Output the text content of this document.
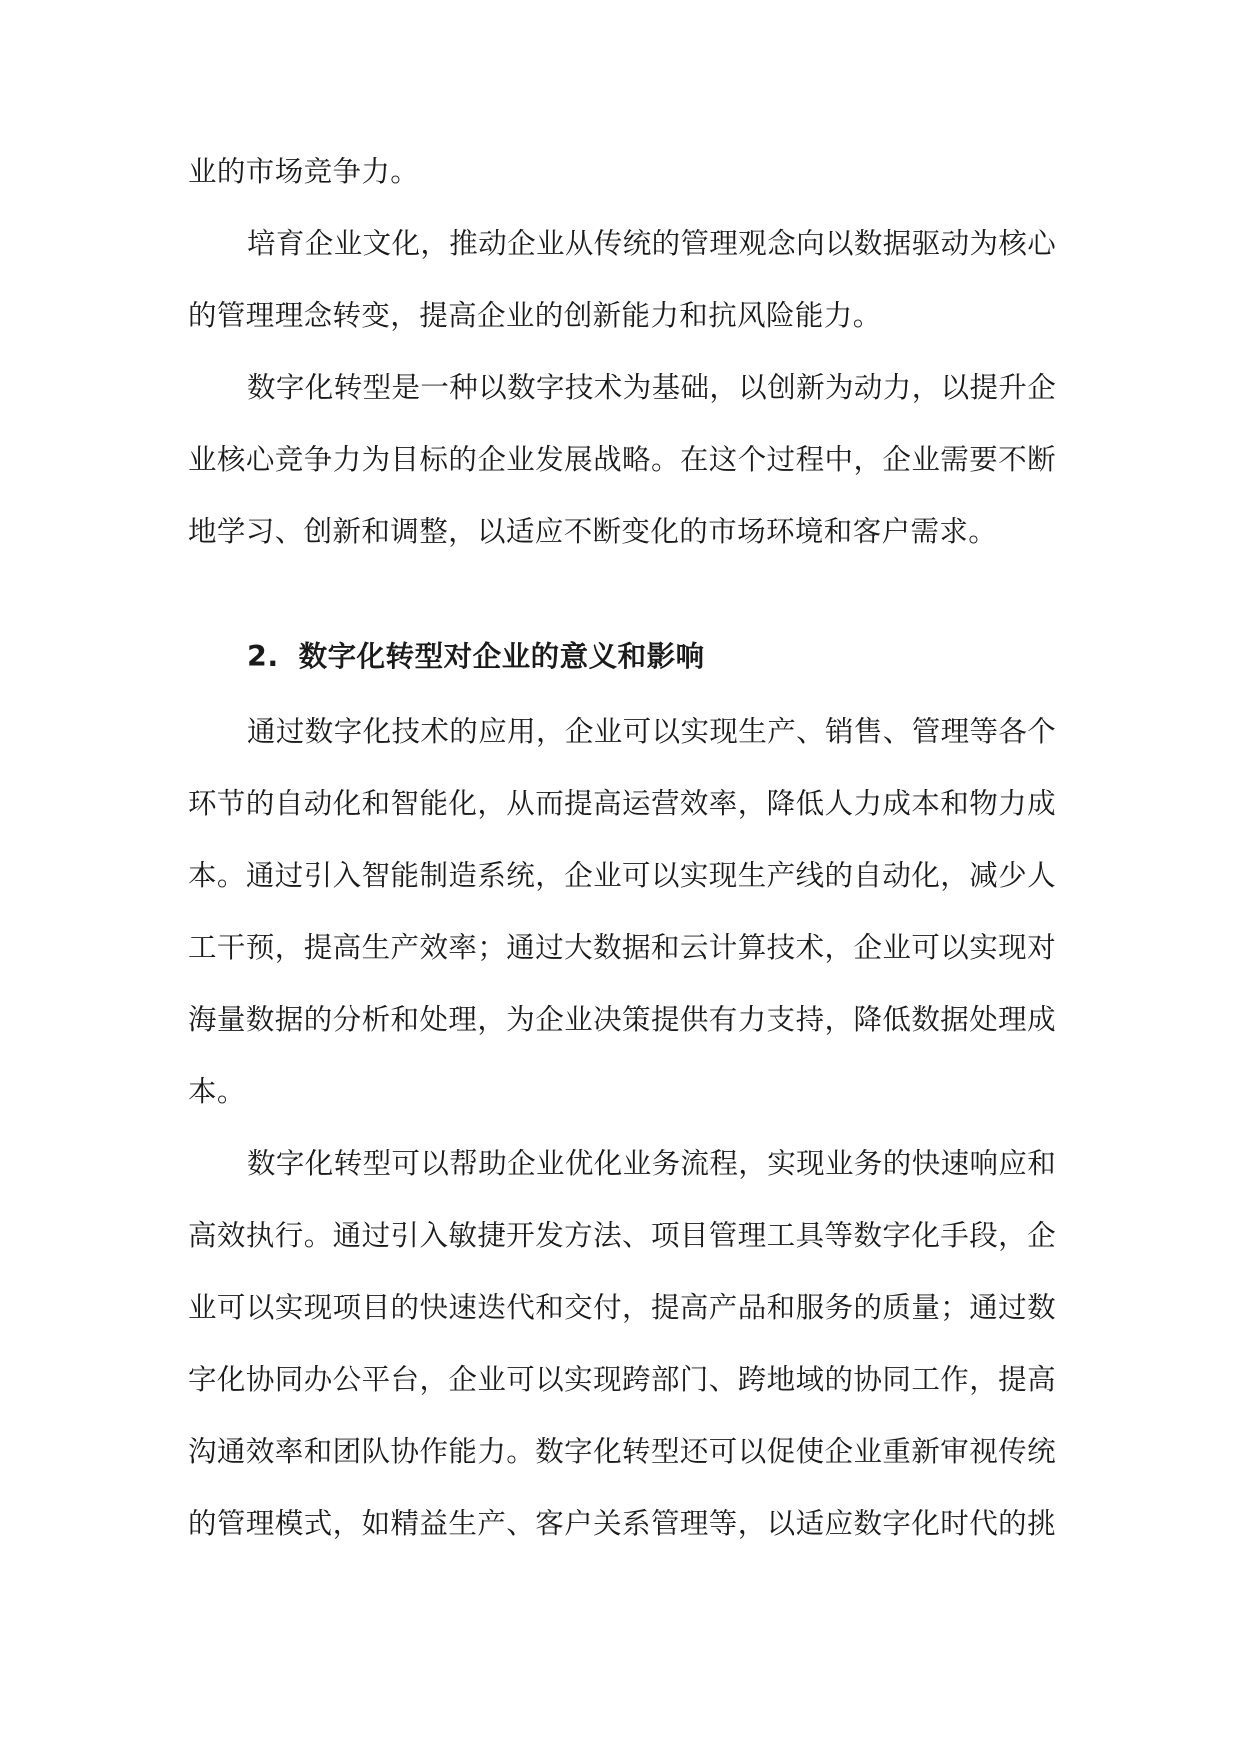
业的市场竞争力。
培育企业文化，推动企业从传统的管理观念向以数据驱动为核心
的管理理念转变，提高企业的创新能力和抗风险能力。
数字化转型是一种以数字技术为基础，以创新为动力，以提升企
业核心竞争力为目标的企业发展战略。在这个过程中，企业需要不断
地学习、创新和调整，以适应不断变化的市场环境和客户需求。
2. 数字化转型对企业的意义和影响
通过数字化技术的应用，企业可以实现生产、销售、管理等各个
环节的自动化和智能化，从而提高运营效率，降低人力成本和物力成
本。通过引入智能制造系统，企业可以实现生产线的自动化，减少人
工干预，提高生产效率；通过大数据和云计算技术，企业可以实现对
海量数据的分析和处理，为企业决策提供有力支持，降低数据处理成
本。
数字化转型可以帮助企业优化业务流程，实现业务的快速响应和
高效执行。通过引入敏捷开发方法、项目管理工具等数字化手段，企
业可以实现项目的快速迭代和交付，提高产品和服务的质量；通过数
字化协同办公平台，企业可以实现跨部门、跨地域的协同工作，提高
沟通效率和团队协作能力。数字化转型还可以促使企业重新审视传统
的管理模式，如精益生产、客户关系管理等，以适应数字化时代的挑
